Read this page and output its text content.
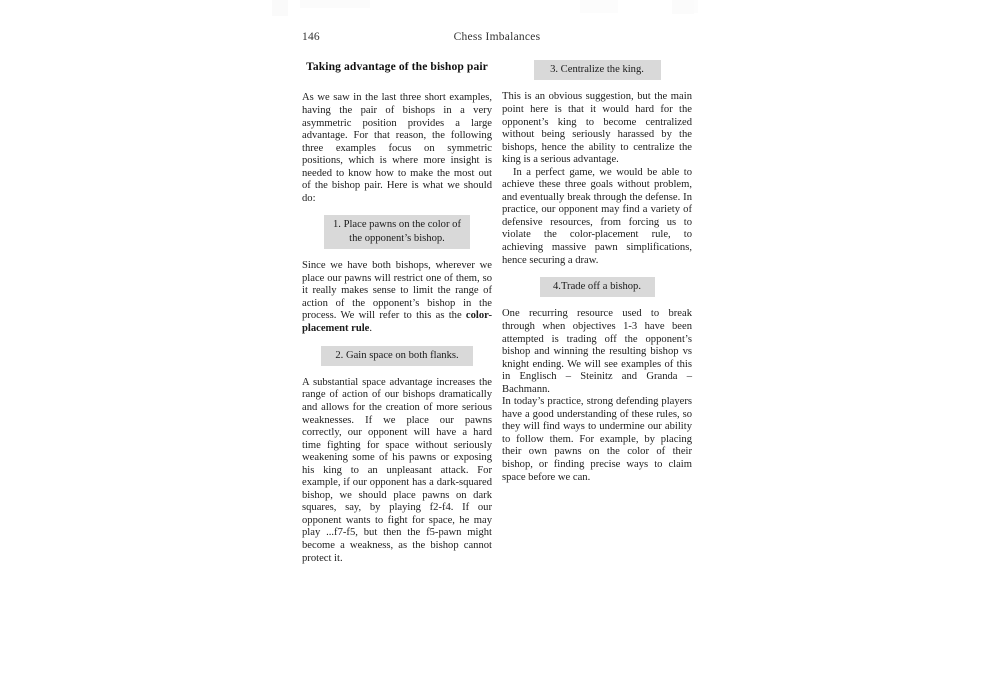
146	Chess Imbalances
Taking advantage of the bishop pair

As we saw in the last three short examples, having the pair of bishops in a very asymmetric position provides a large advantage. For that reason, the following three examples focus on symmetric positions, which is where more insight is needed to know how to make the most out of the bishop pair. Here is what we should do:

1. Place pawns on the color of the opponent’s bishop.

Since we have both bishops, wherever we place our pawns will restrict one of them, so it really makes sense to limit the range of action of the opponent’s bishop in the process. We will refer to this as the color-placement rule.

2. Gain space on both flanks.

A substantial space advantage increases the range of action of our bishops dramatically and allows for the creation of more serious weaknesses. If we place our pawns correctly, our opponent will have a hard time fighting for space without seriously weakening some of his pawns or exposing his king to an unpleasant attack. For example, if our opponent has a dark-squared bishop, we should place pawns on dark squares, say, by playing f2-f4. If our opponent wants to fight for space, he may play ...f7-f5, but then the f5-pawn might become a weakness, as the bishop cannot protect it.

3. Centralize the king.

This is an obvious suggestion, but the main point here is that it would hard for the opponent’s king to become centralized without being seriously harassed by the bishops, hence the ability to centralize the king is a serious advantage.

In a perfect game, we would be able to achieve these three goals without problem, and eventually break through the defense. In practice, our opponent may find a variety of defensive resources, from forcing us to violate the color-placement rule, to achieving massive pawn simplifications, hence securing a draw.

4.Trade off a bishop.

One recurring resource used to break through when objectives 1-3 have been attempted is trading off the opponent’s bishop and winning the resulting bishop vs knight ending. We will see examples of this in Englisch – Steinitz and Granda – Bachmann.

In today’s practice, strong defending players have a good understanding of these rules, so they will find ways to undermine our ability to follow them. For example, by placing their own pawns on the color of their bishop, or finding precise ways to claim space before we can.
